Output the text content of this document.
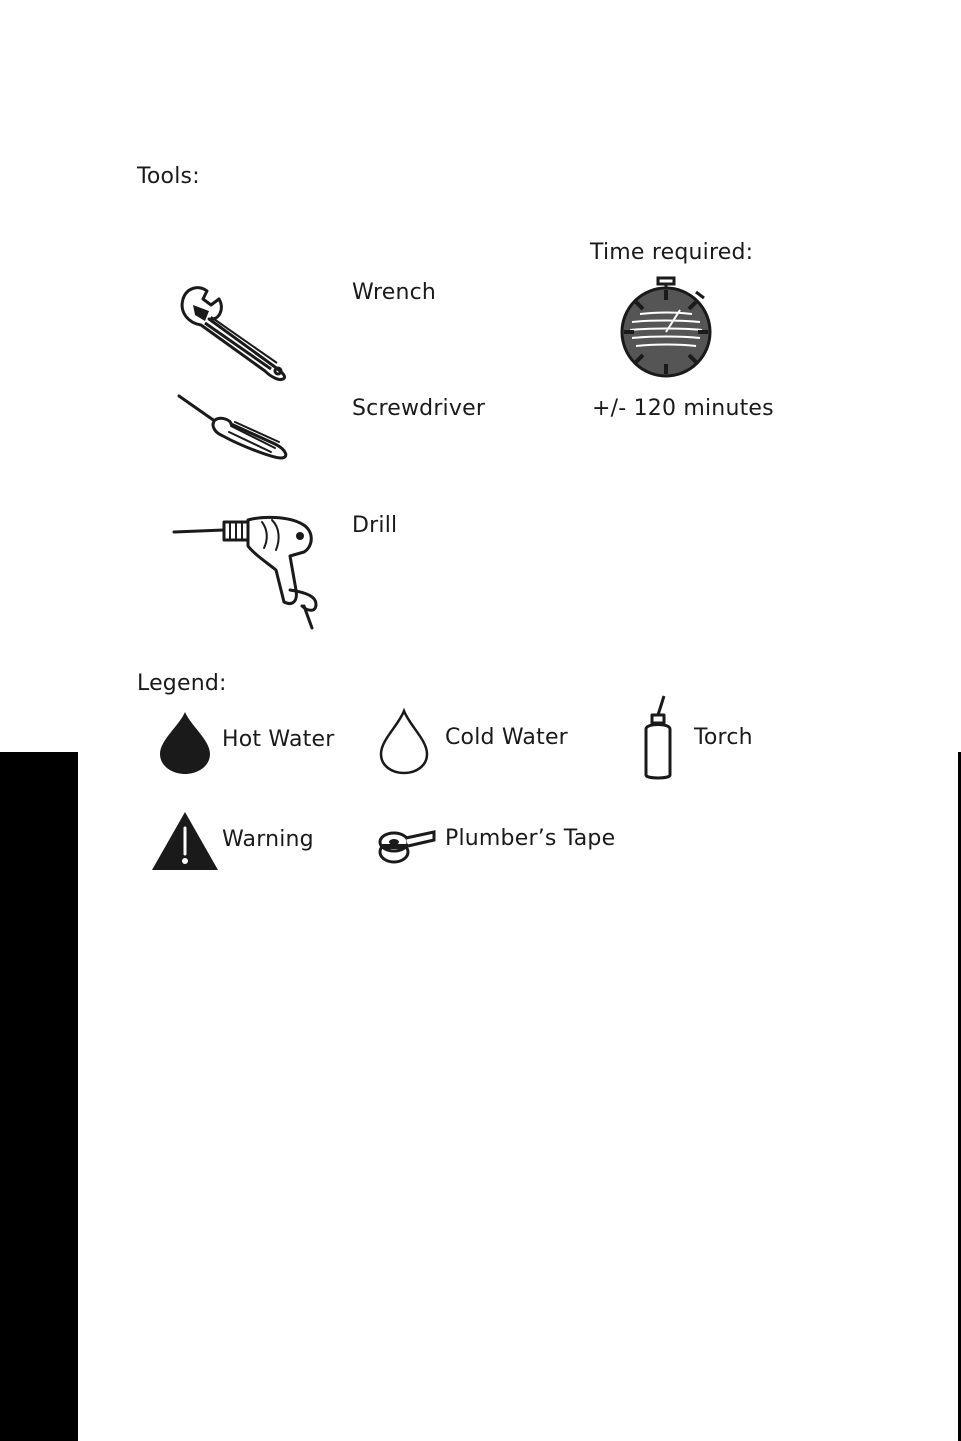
Tools:
Wrench
Screwdriver
Drill
Time required:
+/- 120 minutes
Legend:
Hot Water	Cold Water	Torch
Warning	Plumber’s Tape
